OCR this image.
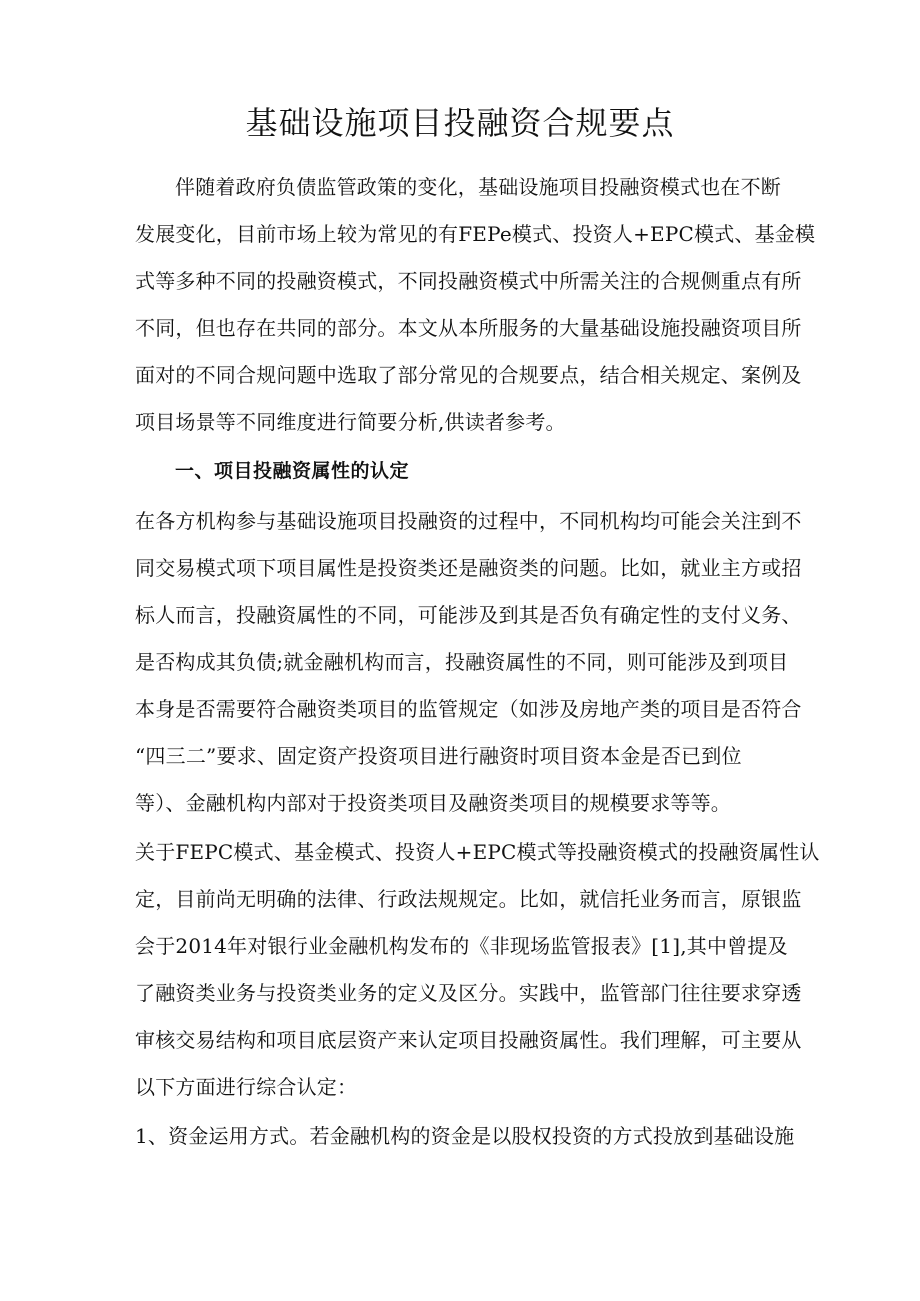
基础设施项目投融资合规要点
伴随着政府负债监管政策的变化，基础设施项目投融资模式也在不断
发展变化，目前市场上较为常见的有FEPe模式、投资人+EPC模式、基金模
式等多种不同的投融资模式，不同投融资模式中所需关注的合规侧重点有所
不同，但也存在共同的部分。本文从本所服务的大量基础设施投融资项目所
面对的不同合规问题中选取了部分常见的合规要点，结合相关规定、案例及
项目场景等不同维度进行简要分析,供读者参考。
一、项目投融资属性的认定
在各方机构参与基础设施项目投融资的过程中，不同机构均可能会关注到不
同交易模式项下项目属性是投资类还是融资类的问题。比如，就业主方或招
标人而言，投融资属性的不同，可能涉及到其是否负有确定性的支付义务、
是否构成其负债;就金融机构而言，投融资属性的不同，则可能涉及到项目
本身是否需要符合融资类项目的监管规定（如涉及房地产类的项目是否符合
“四三二”要求、固定资产投资项目进行融资时项目资本金是否已到位
等）、金融机构内部对于投资类项目及融资类项目的规模要求等等。
关于FEPC模式、基金模式、投资人+EPC模式等投融资模式的投融资属性认
定，目前尚无明确的法律、行政法规规定。比如，就信托业务而言，原银监
会于2014年对银行业金融机构发布的《非现场监管报表》[1],其中曾提及
了融资类业务与投资类业务的定义及区分。实践中，监管部门往往要求穿透
审核交易结构和项目底层资产来认定项目投融资属性。我们理解，可主要从
以下方面进行综合认定：
1、资金运用方式。若金融机构的资金是以股权投资的方式投放到基础设施
